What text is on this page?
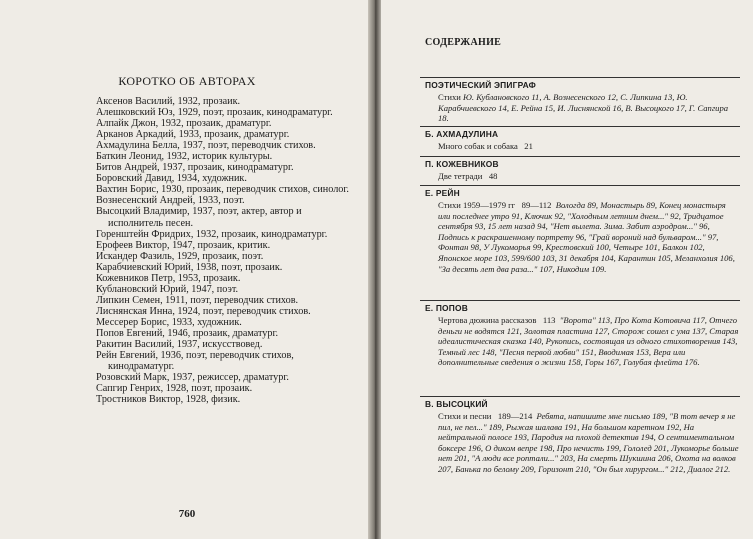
КОРОТКО ОБ АВТОРАХ
Аксенов Василий, 1932, прозаик.
Алешковский Юз, 1929, поэт, прозаик, кинодраматург.
Алпайк Джон, 1932, прозаик, драматург.
Арканов Аркадий, 1933, прозаик, драматург.
Ахмадулина Белла, 1937, поэт, переводчик стихов.
Баткин Леонид, 1932, историк культуры.
Битов Андрей, 1937, прозаик, кинодраматург.
Боровский Давид, 1934, художник.
Вахтин Борис, 1930, прозаик, переводчик стихов, синолог.
Вознесенский Андрей, 1933, поэт.
Высоцкий Владимир, 1937, поэт, актер, автор и исполнитель песен.
Горенштейн Фридрих, 1932, прозаик, кинодраматург.
Ерофеев Виктор, 1947, прозаик, критик.
Искандер Фазиль, 1929, прозаик, поэт.
Карабчиевский Юрий, 1938, поэт, прозаик.
Кожевников Петр, 1953, прозаик.
Кублановский Юрий, 1947, поэт.
Липкин Семен, 1911, поэт, переводчик стихов.
Лиснянская Инна, 1924, поэт, переводчик стихов.
Мессерер Борис, 1933, художник.
Попов Евгений, 1946, прозаик, драматург.
Ракитин Василий, 1937, искусствовед.
Рейн Евгений, 1936, поэт, переводчик стихов, кинодраматург.
Розовский Марк, 1937, режиссер, драматург.
Сапгир Генрих, 1928, поэт, прозаик.
Тростников Виктор, 1928, физик.
760
СОДЕРЖАНИЕ
ПОЭТИЧЕСКИЙ ЭПИГРАФ
Стихи Ю. Кублановского 11, А. Вознесенского 12, С. Липкина 13, Ю. Карабчиевского 14, Е. Рейна 15, И. Лиснянской 16, В. Высоцкого 17, Г. Сапгира 18.
Б. АХМАДУЛИНА
Много собак и собака 21
П. КОЖЕВНИКОВ
Две тетради 48
Е. РЕЙН
Стихи 1959—1979 гг 89—112 Вологда 89, Монастырь 89, Конец монастыря или последнее утро 91, Ключик 92, "Холодным летним днем..." 92, Тридцатое сентября 93, 15 лет назад 94, "Нет вылета. Зима. Забит аэродром..." 96, Подпись к раскрашенному портрету 96, "Грай вороний над бульваром..." 97, Фонтан 98, У Лукоморья 99, Крестовский 100, Четыре 101, Балкон 102, Японское море 103, 599/600 103, 31 декабря 104, Карантин 105, Меланхолия 106, "За десять лет два раза..." 107, Никодим 109.
Е. ПОПОВ
Чертова дюжина рассказов 113 "Ворота" 113, Про Кота Котовича 117, Отчего деньги не водятся 121, Золотая пластина 127, Сторож сошел с ума 137, Старая идеалистическая сказка 140, Рукопись, состоящая из одного стихотворения 143, Темный лес 148, "Песня первой любви" 151, Вводимая 153, Вера или дополнительные сведения о жизни 158, Горы 167, Голубая флейта 176.
В. ВЫСОЦКИЙ
Стихи и песни 189—214 Ребята, напишите мне письмо 189, "В тот вечер я не пил, не пел..." 189, Рыжая шалава 191, На большом каретном 192, На нейтральной полосе 193, Пародия на плохой детектив 194, О сентиментальном боксере 196, О диком вепре 198, Про нечисть 199, Гололед 201, Лукоморье больше нет 201, "А люди все роптали..." 203, На смерть Шукшина 206, Охота на волков 207, Банька по белому 209, Горизонт 210, "Он был хирургом..." 212, Диалог 212.
